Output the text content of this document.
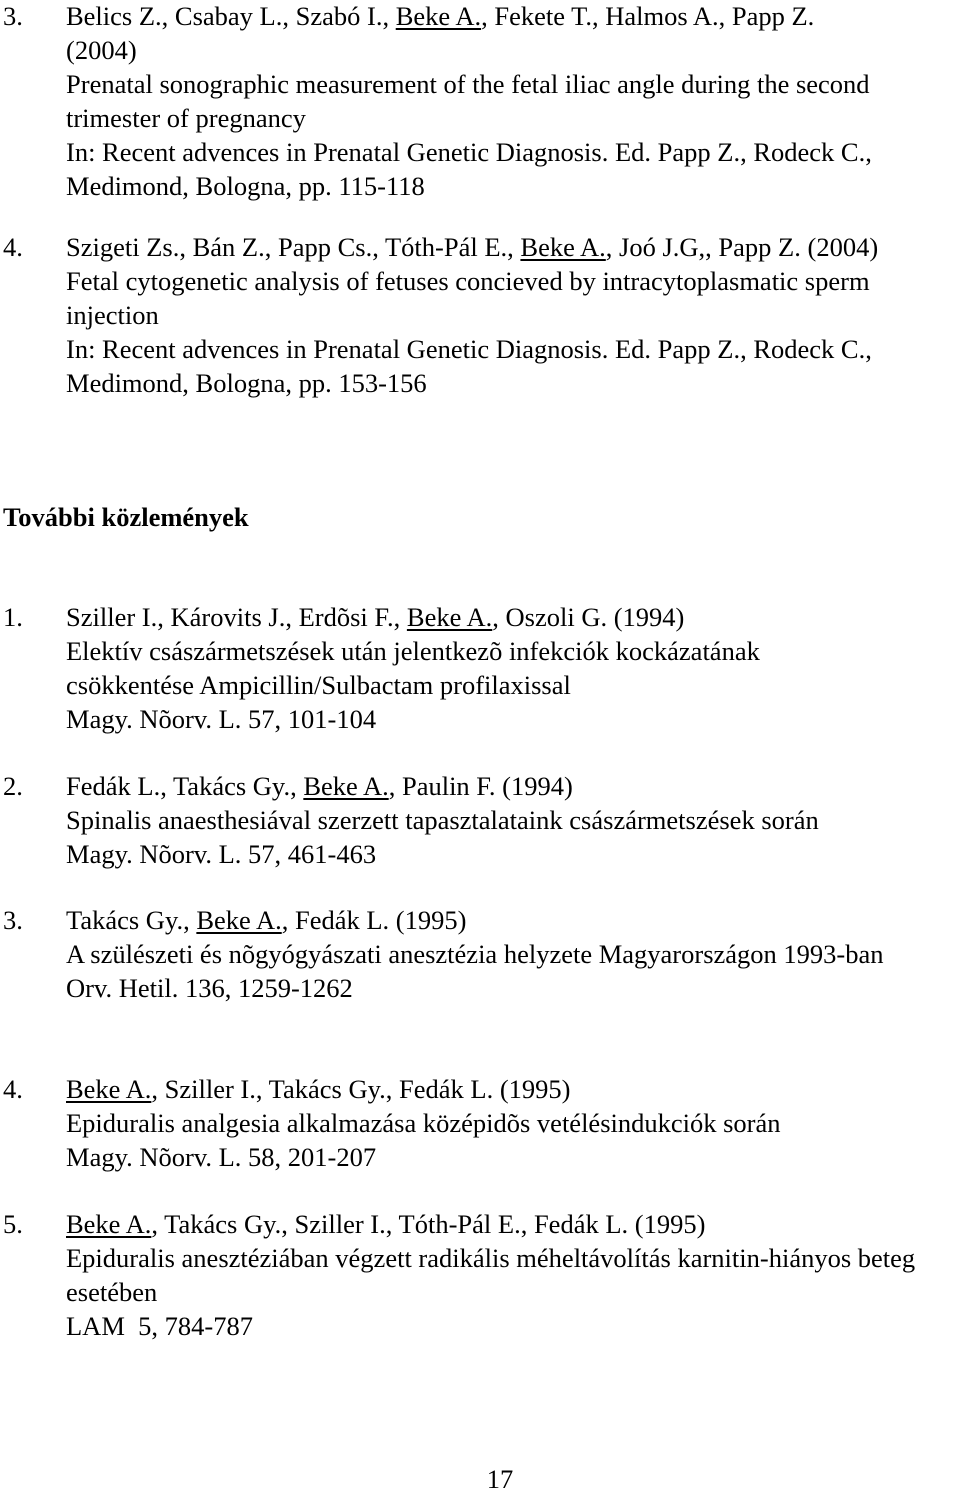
3. Belics Z., Csabay L., Szabó I., Beke A., Fekete T., Halmos A., Papp Z.
(2004)
Prenatal sonographic measurement of the fetal iliac angle during the second trimester of pregnancy
In: Recent advences in Prenatal Genetic Diagnosis. Ed. Papp Z., Rodeck C.,
Medimond, Bologna, pp. 115-118
4. Szigeti Zs., Bán Z., Papp Cs., Tóth-Pál E., Beke A., Joó J.G,, Papp Z. (2004)
Fetal cytogenetic analysis of fetuses concieved by intracytoplasmatic sperm injection
In: Recent advences in Prenatal Genetic Diagnosis. Ed. Papp Z., Rodeck C.,
Medimond, Bologna, pp. 153-156
További közlemények
1. Sziller I., Károvits J., Erdõsi F., Beke A., Oszoli G. (1994)
Elektív császármetszések után jelentkezõ infekciók kockázatának csökkentése Ampicillin/Sulbactam profilaxissal
Magy. Nõorv. L. 57, 101-104
2. Fedák L., Takács Gy., Beke A., Paulin F. (1994)
Spinalis anaesthesiával szerzett tapasztalataink császármetszések során
Magy. Nõorv. L. 57, 461-463
3. Takács Gy., Beke A., Fedák L. (1995)
A szülészeti és nõgyógyászati anesztézia helyzete Magyarországon 1993-ban
Orv. Hetil. 136, 1259-1262
4. Beke A., Sziller I., Takács Gy., Fedák L. (1995)
Epiduralis analgesia alkalmazása középidõs vetélésindukciók során
Magy. Nõorv. L. 58, 201-207
5. Beke A., Takács Gy., Sziller I., Tóth-Pál E., Fedák L. (1995)
Epiduralis anesztéziában végzett radikális méheltávolítás karnitin-hiányos beteg esetében
LAM  5, 784-787
17
